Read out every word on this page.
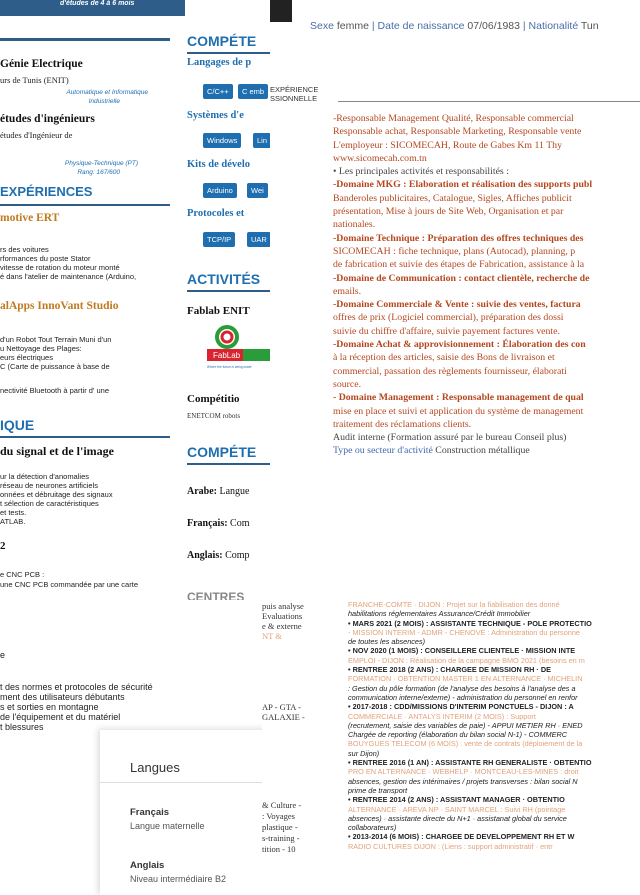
d'études de 4 à 6 mois
Génie Electrique
urs de Tunis (ENIT)
Automatique et Informatique
Industrielle
études d'ingénieurs
études d'Ingénieur de
Physique-Technique (PT)
Rang: 167/600
EXPÉRIENCES
motive ERT
rs des voitures
rformances du poste Stator
vitesse de rotation du moteur monté
é dans l'atelier de maintenance (Arduino,
alApps InnoVant Studio
d'un Robot Tout Terrain Muni d'un
u Nettoyage des Plages:
eurs électriques
C (Carte de puissance à base de
nectivité Bluetooth à partir d' une
IQUE
du signal et de l'image
ur la détection d'anomalies
réseau de neurones artificiels
onnées et débruitage des signaux
t sélection de caractéristiques
et tests.
ATLAB.
2
e CNC PCB :
une CNC PCB commandée par une carte
COMPÉTE
Langages de p
C/C++	C emb
Systèmes d'e
Windows	Lin
Kits de dévelo
Arduino	Wei
Protocoles et
TCP/IP	UAR
ACTIVITÉS
Fablab ENIT
FabLab
Where the future is being made
Compétitio
ENETCOM robots
COMPÉTE
Arabe: Langue
Français: Com
Anglais: Comp
CENTRES
Sexe femme | Date de naissance 07/06/1983 | Nationalité Tun
EXPÉRIENCE
SSIONNELLE

-Responsable Management Qualité, Responsable commercial

Responsable achat, Responsable Marketing, Responsable vente

L'employeur : SICOMECAH, Route de Gabes Km 11 Thy

www.sicomecah.com.tn

• Les principales activités et responsabilités :

-Domaine MKG : Elaboration et réalisation des supports publ

Banderoles publicitaires, Catalogue, Sigles, Affiches publicit

présentation, Mise à jours de Site Web, Organisation et par

nationales.

-Domaine Technique : Préparation des offres techniques des

SICOMECAH : fiche technique, plans (Autocad), planning, p

de fabrication et suivie des étapes de Fabrication, assistance à la

-Domaine de Communication : contact clientèle, recherche de

emails.

-Domaine Commerciale & Vente : suivie des ventes, factura

offres de prix (Logiciel commercial), préparation des dossi

suivie du chiffre d'affaire, suivie payement factures vente.

-Domaine Achat & approvisionnement : Élaboration des con

à la réception des articles, saisie des Bons de livraison et

commercial, passation des règlements fournisseur, élaborati

source.

- Domaine Management : Responsable management de qual

mise en place et suivi et application du système de management

traitement des réclamations clients.

Audit interne (Formation assuré par le bureau Conseil plus)

Type ou secteur d'activité Construction métallique

e
t des normes et protocoles de sécurité
ment des utilisateurs débutants
s et sorties en montagne
de l'équipement et du matériel
t blessures
Langues
Français
Langue maternelle
Anglais
Niveau intermédiaire B2
puis analyse
Evaluations
e & externe
NT &
AP - GTA -
GALAXIE -
& Culture -
: Voyages
plastique -
s-training -
tition - 10

FRANCHE-COMTE · DIJON : Projet sur la fiabilisation des donné

habilitations réglementaires Assurance/Crédit Immobilier

• MARS 2021 (2 MOIS) : ASSISTANTE TECHNIQUE - POLE PROTECTIO

- MISSION INTERIM - ADMR - CHENOVE : Administration du personne

de toutes les absences)

• NOV 2020 (1 MOIS) : CONSEILLERE CLIENTELE · MISSION INTE

EMPLOI - DIJON : Réalisation de la campagne BMO 2021 (besoins en m

• RENTREE 2018 (2 ANS) : CHARGEE DE MISSION RH · DE

FORMATION · OBTENTION MASTER 1 EN ALTERNANCE · MICHELIN

: Gestion du pôle formation (de l'analyse des besoins à l'analyse des a

communication interne/externe) - administration du personnel en renfor

• 2017-2018 : CDD/MISSIONS D'INTERIM PONCTUELS - DIJON : A

COMMERCIALE · ANTALYS INTERIM (2 MOIS) : Support

(recrutement, saisie des variables de paie) - APPUI METIER RH · ENED

Chargée de reporting (élaboration du bilan social N-1) - COMMERC

BOUYGUES TELECOM (6 MOIS) : vente de contrats (déploiement de la

sur Dijon)

• RENTREE 2016 (1 AN) : ASSISTANTE RH GENERALISTE · OBTENTIO

PRO EN ALTERNANCE · WEBHELP · MONTCEAU-LES-MINES : droit

absences, gestion des intérimaires / projets transverses : bilan social N

prime de transport

• RENTREE 2014 (2 ANS) : ASSISTANT MANAGER · OBTENTIO

ALTERNANCE · AREVA NP · SAINT MARCEL : Suivi RH (pointage

absences) · assistante directe du N+1 · assistanat global du service

collaborateurs)

• 2013-2014 (6 MOIS) : CHARGEE DE DEVELOPPEMENT RH ET W

RADIO CULTURES DIJON : (Liens : support administratif · entr
